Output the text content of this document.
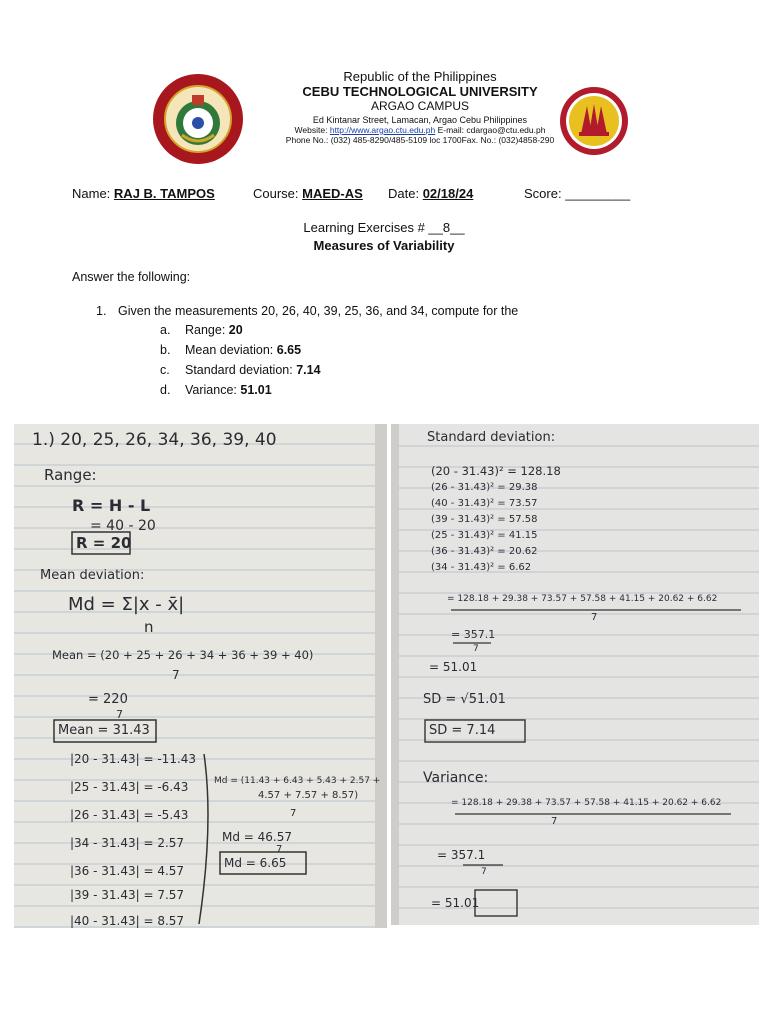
Republic of the Philippines
CEBU TECHNOLOGICAL UNIVERSITY
ARGAO CAMPUS
Ed Kintanar Street, Lamacan, Argao Cebu Philippines
Website: http://www.argao.ctu.edu.ph E-mail: cdargao@ctu.edu.ph
Phone No.: (032) 485-8290/485-5109 loc 1700Fax. No.: (032)4858-290
Name: RAJ B. TAMPOS	Course: MAED-AS Date: 02/18/24	Score: _________
Learning Exercises # __8__
Measures of Variability
Answer the following:
1. Given the measurements 20, 26, 40, 39, 25, 36, and 34, compute for the
a. Range: 20
b. Mean deviation: 6.65
c. Standard deviation: 7.14
d. Variance: 51.01
1.) 20, 25, 26, 34, 36, 39, 40
Range:
R = H - L
= 40 - 20
R = 20
Mean deviation:
Md = Σ|x - x̄|
n
Mean = (20 + 25 + 26 + 34 + 36 + 39 + 40)
7
= 220
7
Mean = 31.43
|20 - 31.43| = -11.43
|25 - 31.43| = -6.43
|26 - 31.43| = -5.43
|34 - 31.43| = 2.57
|36 - 31.43| = 4.57
|39 - 31.43| = 7.57
|40 - 31.43| = 8.57
Md = (11.43 + 6.43 + 5.43 + 2.57 +
4.57 + 7.57 + 8.57)
7
Md = 46.57
7
Md = 6.65
Standard deviation:
(20 - 31.43)² = 128.18
(26 - 31.43)² = 29.38
(40 - 31.43)² = 73.57
(39 - 31.43)² = 57.58
(25 - 31.43)² = 41.15
(36 - 31.43)² = 20.62
(34 - 31.43)² = 6.62
= 128.18 + 29.38 + 73.57 + 57.58 + 41.15 + 20.62 + 6.62
7
= 357.1
7
= 51.01
SD = √51.01
SD = 7.14
Variance:
= 128.18 + 29.38 + 73.57 + 57.58 + 41.15 + 20.62 + 6.62
7
= 357.1
7
= 51.01
